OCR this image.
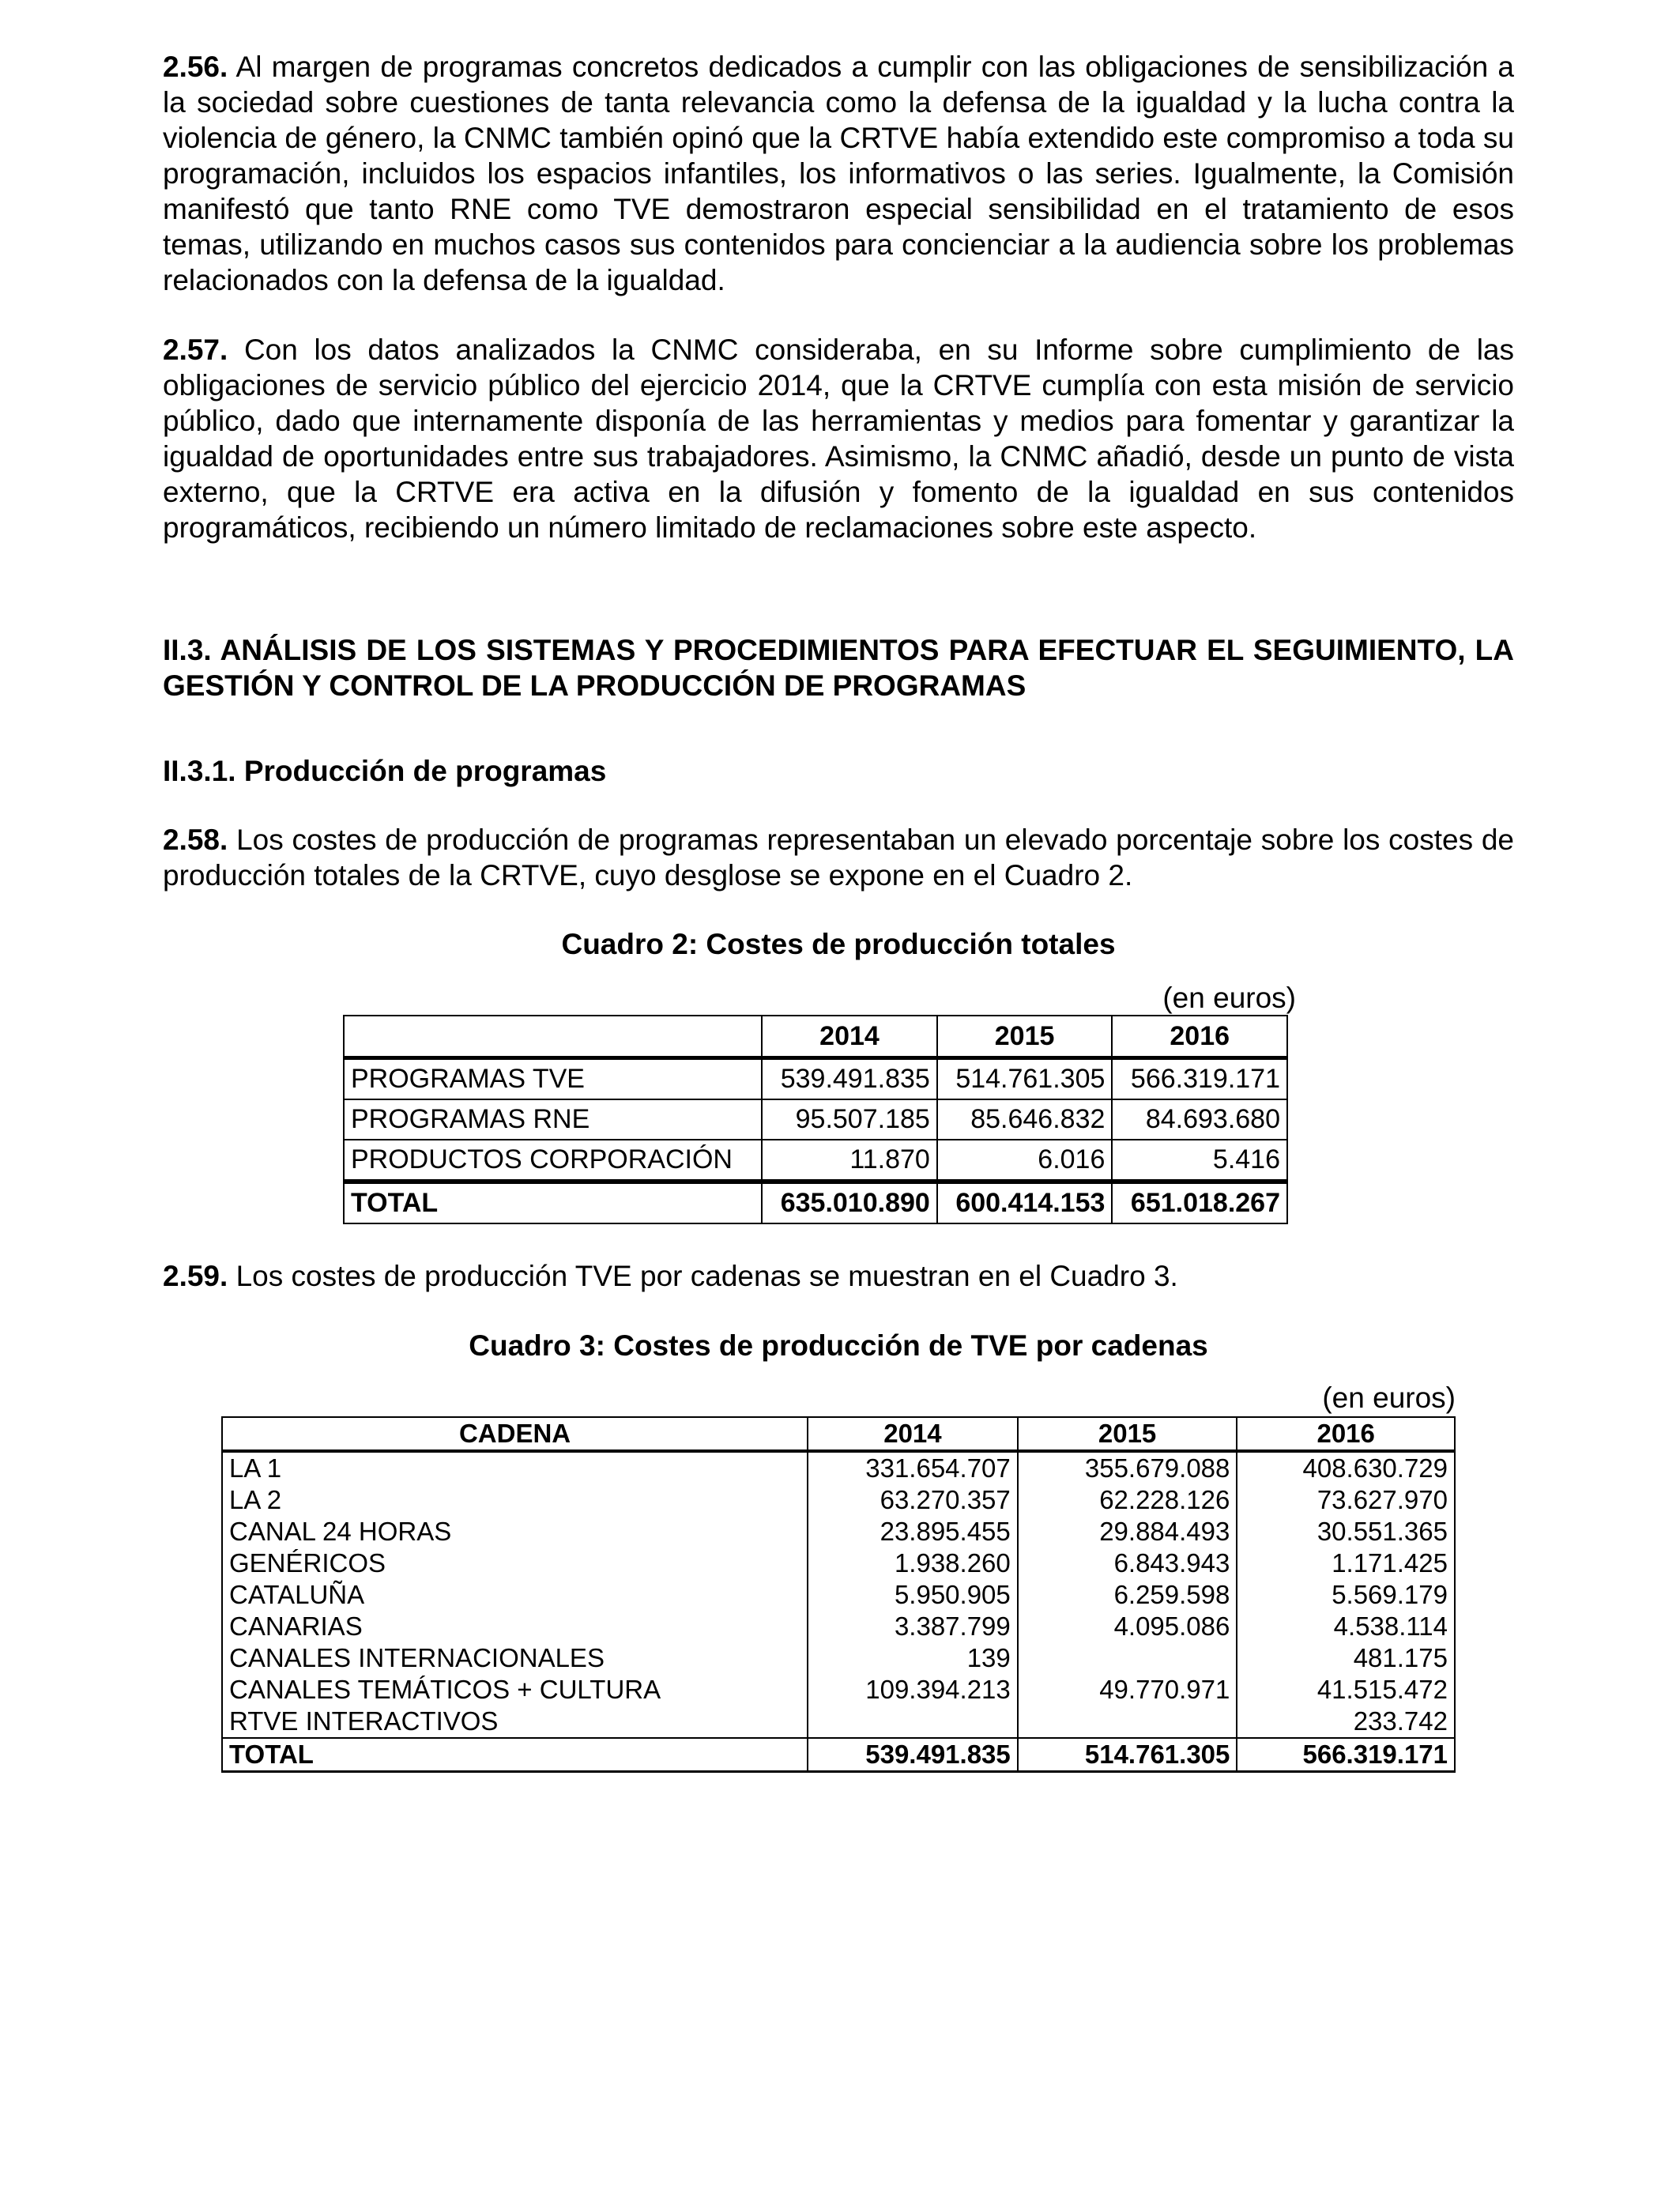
2.56. Al margen de programas concretos dedicados a cumplir con las obligaciones de sensibilización a la sociedad sobre cuestiones de tanta relevancia como la defensa de la igualdad y la lucha contra la violencia de género, la CNMC también opinó que la CRTVE había extendido este compromiso a toda su programación, incluidos los espacios infantiles, los informativos o las series. Igualmente, la Comisión manifestó que tanto RNE como TVE demostraron especial sensibilidad en el tratamiento de esos temas, utilizando en muchos casos sus contenidos para concienciar a la audiencia sobre los problemas relacionados con la defensa de la igualdad.

2.57. Con los datos analizados la CNMC consideraba, en su Informe sobre cumplimiento de las obligaciones de servicio público del ejercicio 2014, que la CRTVE cumplía con esta misión de servicio público, dado que internamente disponía de las herramientas y medios para fomentar y garantizar la igualdad de oportunidades entre sus trabajadores. Asimismo, la CNMC añadió, desde un punto de vista externo, que la CRTVE era activa en la difusión y fomento de la igualdad en sus contenidos programáticos, recibiendo un número limitado de reclamaciones sobre este aspecto.

II.3. ANÁLISIS DE LOS SISTEMAS Y PROCEDIMIENTOS PARA EFECTUAR EL SEGUIMIENTO, LA GESTIÓN Y CONTROL DE LA PRODUCCIÓN DE PROGRAMAS

II.3.1. Producción de programas

2.58. Los costes de producción de programas representaban un elevado porcentaje sobre los costes de producción totales de la CRTVE, cuyo desglose se expone en el Cuadro 2.

Cuadro 2: Costes de producción totales

(en euros)

	2014	2015	2016
PROGRAMAS TVE	539.491.835	514.761.305	566.319.171
PROGRAMAS RNE	95.507.185	85.646.832	84.693.680
PRODUCTOS CORPORACIÓN	11.870	6.016	5.416
TOTAL	635.010.890	600.414.153	651.018.267

2.59. Los costes de producción TVE por cadenas se muestran en el Cuadro 3.

Cuadro 3: Costes de producción de TVE por cadenas

(en euros)

CADENA	2014	2015	2016
LA 1	331.654.707	355.679.088	408.630.729
LA 2	63.270.357	62.228.126	73.627.970
CANAL 24 HORAS	23.895.455	29.884.493	30.551.365
GENÉRICOS	1.938.260	6.843.943	1.171.425
CATALUÑA	5.950.905	6.259.598	5.569.179
CANARIAS	3.387.799	4.095.086	4.538.114
CANALES INTERNACIONALES	139		481.175
CANALES TEMÁTICOS + CULTURA	109.394.213	49.770.971	41.515.472
RTVE INTERACTIVOS			233.742
TOTAL	539.491.835	514.761.305	566.319.171
